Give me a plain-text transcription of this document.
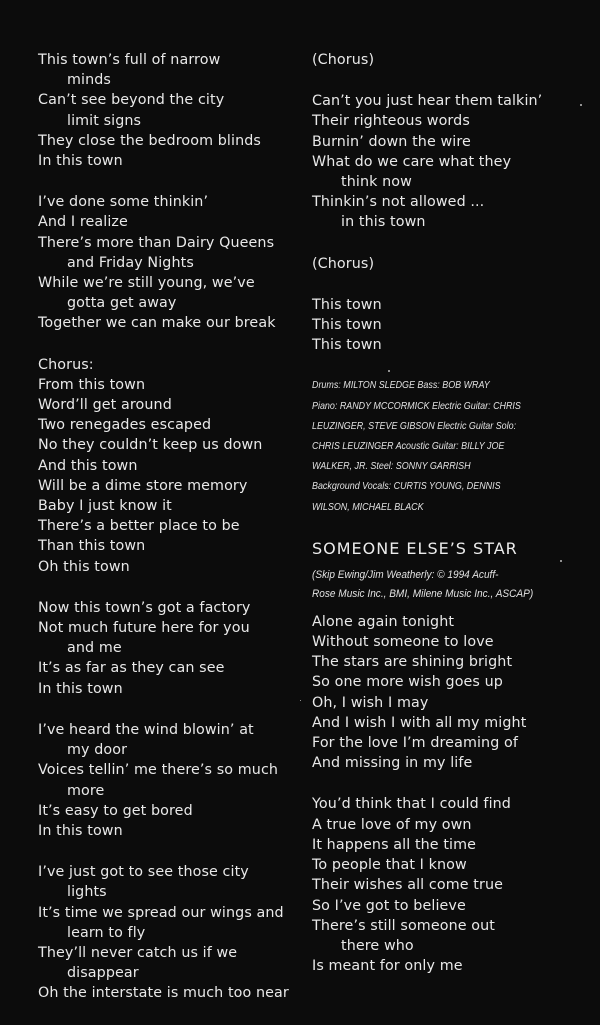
This town’s full of narrow
minds
Can’t see beyond the city
limit signs
They close the bedroom blinds
In this town
I’ve done some thinkin’
And I realize
There’s more than Dairy Queens
and Friday Nights
While we’re still young, we’ve
gotta get away
Together we can make our break
Chorus:
From this town
Word’ll get around
Two renegades escaped
No they couldn’t keep us down
And this town
Will be a dime store memory
Baby I just know it
There’s a better place to be
Than this town
Oh this town
Now this town’s got a factory
Not much future here for you
and me
It’s as far as they can see
In this town
I’ve heard the wind blowin’ at
my door
Voices tellin’ me there’s so much
more
It’s easy to get bored
In this town
I’ve just got to see those city
lights
It’s time we spread our wings and
learn to fly
They’ll never catch us if we
disappear
Oh the interstate is much too near
(Chorus)
Can’t you just hear them talkin’
Their righteous words
Burnin’ down the wire
What do we care what they
think now
Thinkin’s not allowed ...
in this town
(Chorus)
This town
This town
This town
Drums: MILTON SLEDGE Bass: BOB WRAY
Piano: RANDY MCCORMICK Electric Guitar: CHRIS
LEUZINGER, STEVE GIBSON Electric Guitar Solo:
CHRIS LEUZINGER Acoustic Guitar: BILLY JOE
WALKER, JR. Steel: SONNY GARRISH
Background Vocals: CURTIS YOUNG, DENNIS
WILSON, MICHAEL BLACK
SOMEONE ELSE’S STAR
(Skip Ewing/Jim Weatherly: © 1994 Acuff-
Rose Music Inc., BMI, Milene Music Inc., ASCAP)
Alone again tonight
Without someone to love
The stars are shining bright
So one more wish goes up
Oh, I wish I may
And I wish I with all my might
For the love I’m dreaming of
And missing in my life
You’d think that I could find
A true love of my own
It happens all the time
To people that I know
Their wishes all come true
So I’ve got to believe
There’s still someone out
there who
Is meant for only me
